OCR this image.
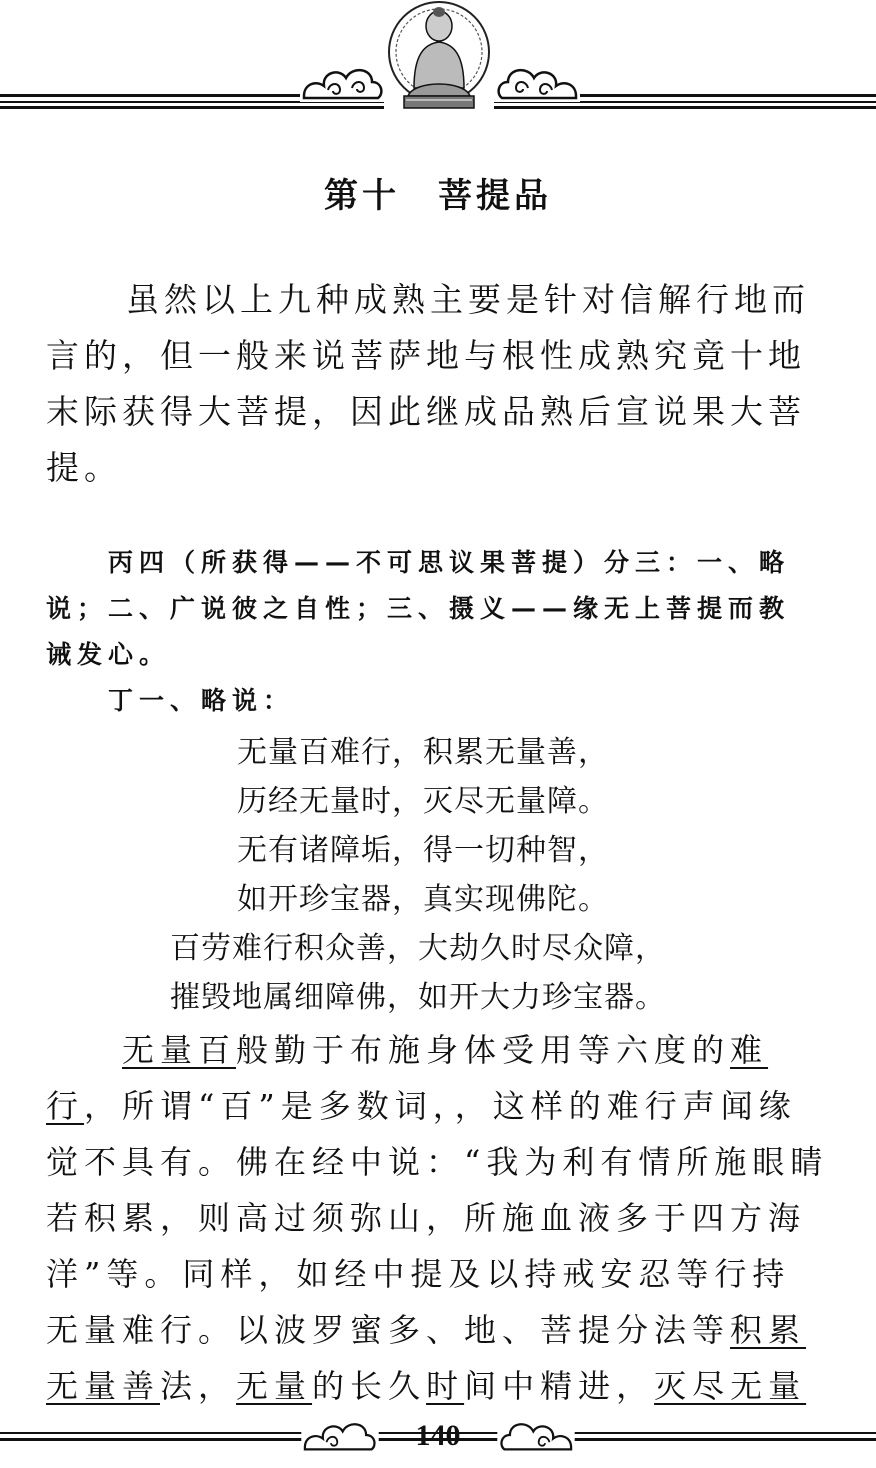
第十　菩提品
虽然以上九种成熟主要是针对信解行地而
言的，但一般来说菩萨地与根性成熟究竟十地
末际获得大菩提，因此继成品熟后宣说果大菩
提。
丙四（所获得——不可思议果菩提）分三：一、略
说；二、广说彼之自性；三、摄义——缘无上菩提而教
诫发心。
丁一、略说：
无量百难行，积累无量善，
历经无量时，灭尽无量障。
无有诸障垢，得一切种智，
如开珍宝器，真实现佛陀。
百劳难行积众善，大劫久时尽众障，
摧毁地属细障佛，如开大力珍宝器。
无量百般勤于布施身体受用等六度的难
行，所谓“百”是多数词，，这样的难行声闻缘
觉不具有。佛在经中说：“我为利有情所施眼睛
若积累，则高过须弥山，所施血液多于四方海
洋”等。同样，如经中提及以持戒安忍等行持
无量难行。以波罗蜜多、地、菩提分法等积累
无量善法，无量的长久时间中精进，灭尽无量
140
